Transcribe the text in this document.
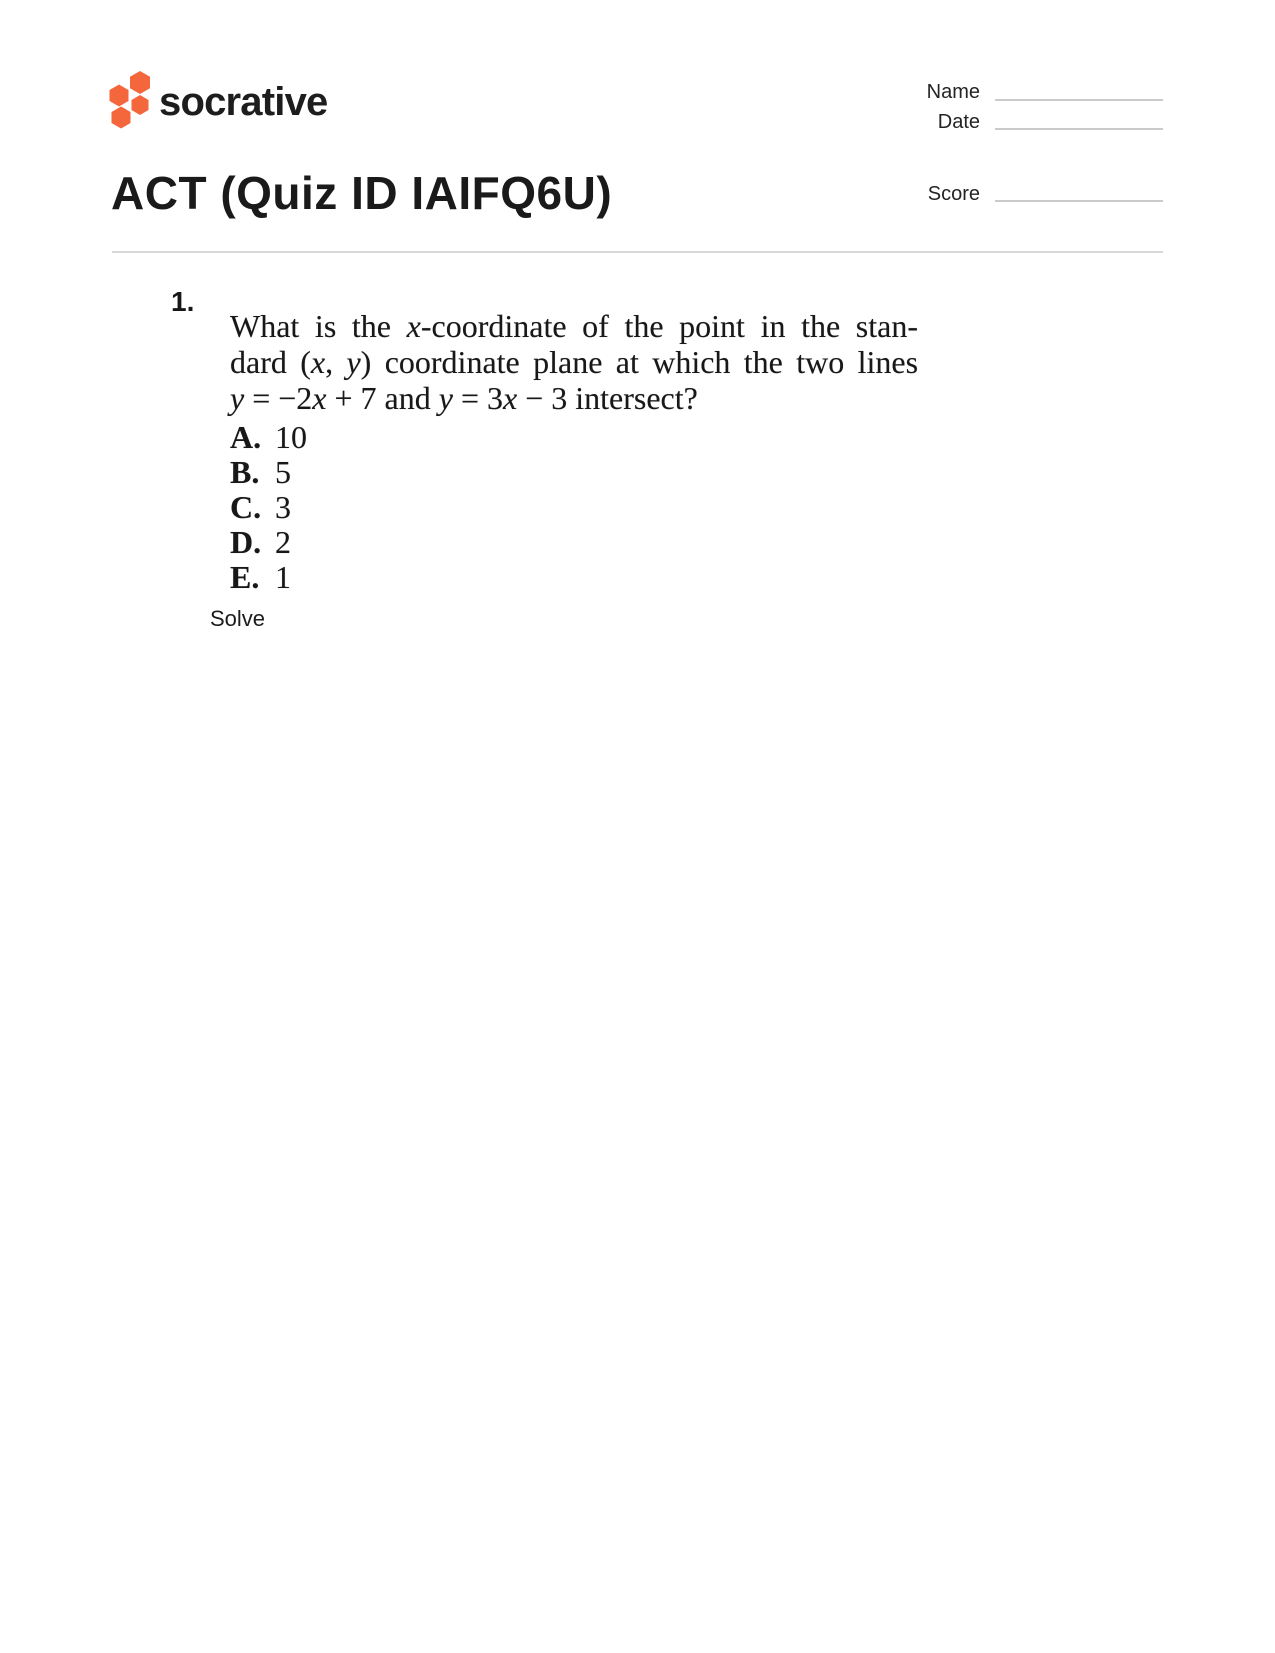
socrative	Name
Date
ACT (Quiz ID IAIFQ6U)	Score
1.
What is the x-coordinate of the point in the stan-
dard (x, y) coordinate plane at which the two lines
y = −2x + 7 and y = 3x − 3 intersect?
A. 10
B. 5
C. 3
D. 2
E. 1
Solve
